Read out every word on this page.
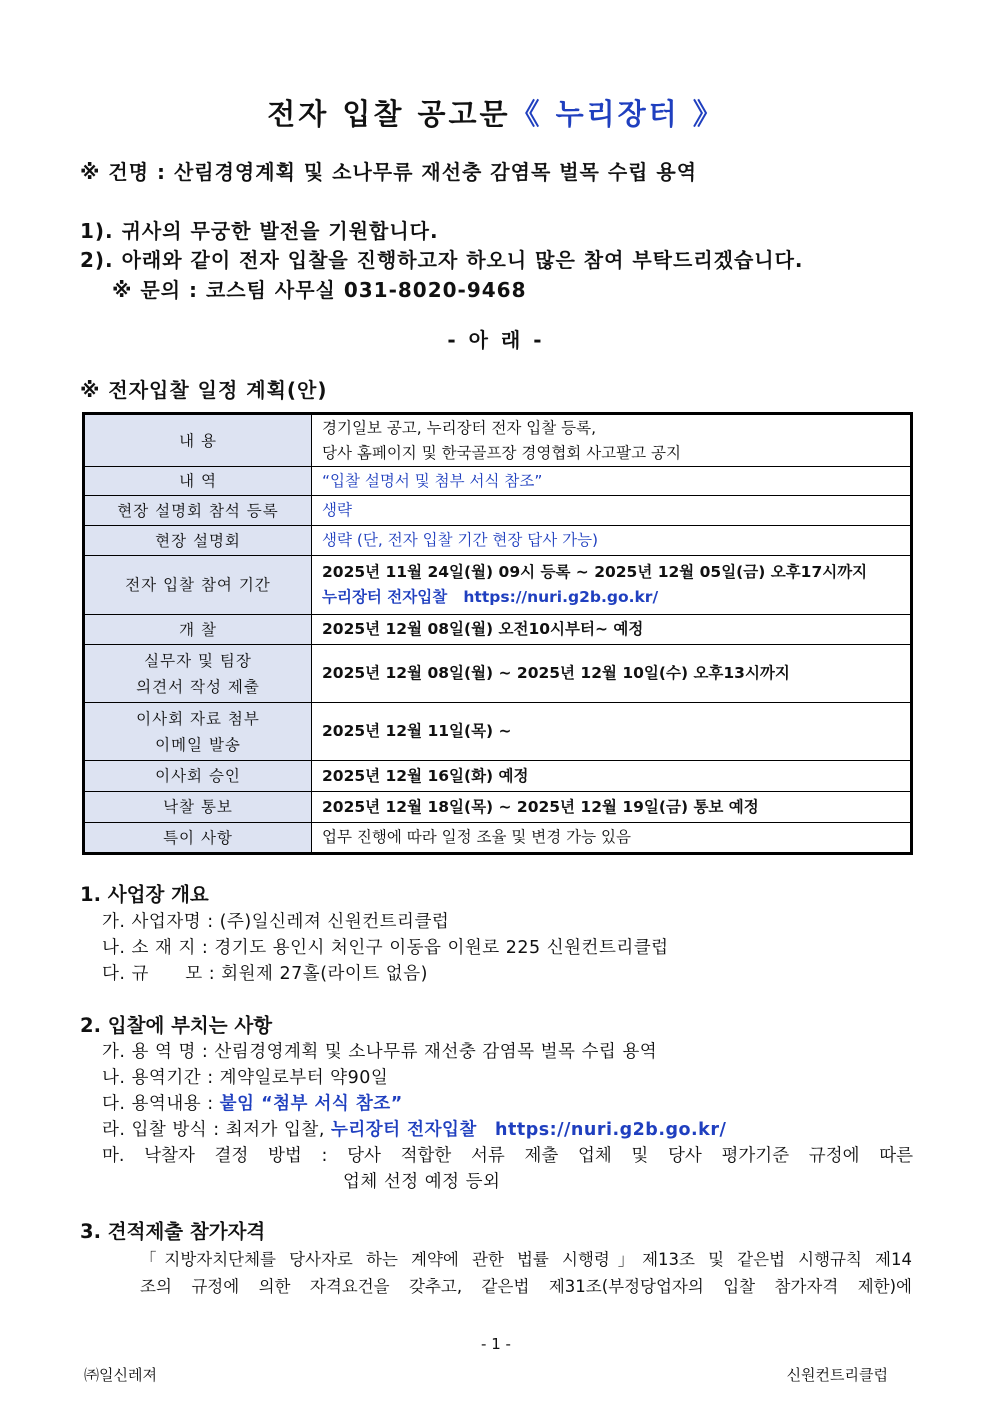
전자 입찰 공고문《 누리장터 》
※ 건명 : 산림경영계획 및 소나무류 재선충 감염목 벌목 수립 용역
1). 귀사의 무궁한 발전을 기원합니다.
2). 아래와 같이 전자 입찰을 진행하고자 하오니 많은 참여 부탁드리겠습니다.
※ 문의 : 코스팀 사무실 031-8020-9468
- 아 래 -
※ 전자입찰 일정 계획(안)
내 용	경기일보 공고, 누리장터 전자 입찰 등록,
당사 홈페이지 및 한국골프장 경영협회 사고팔고 공지

내 역	“입찰 설명서 및 첨부 서식 참조”
현장 설명회 참석 등록	생략
현장 설명회	생략 (단, 전자 입찰 기간 현장 답사 가능)
전자 입찰 참여 기간	2025년 11월 24일(월) 09시 등록 ~ 2025년 12월 05일(금) 오후17시까지
누리장터 전자입찰 https://nuri.g2b.go.kr/

개 찰	2025년 12월 08일(월) 오전10시부터~ 예정

실무자 및 팀장
의견서 작성 제출	2025년 12월 08일(월) ~ 2025년 12월 10일(수) 오후13시까지

이사회 자료 첨부
이메일 발송	2025년 12월 11일(목) ~
이사회 승인	2025년 12월 16일(화) 예정
낙찰 통보	2025년 12월 18일(목) ~ 2025년 12월 19일(금) 통보 예정
특이 사항	업무 진행에 따라 일정 조율 및 변경 가능 있음
1. 사업장 개요
가. 사업자명 : (주)일신레져 신원컨트리클럽
나. 소 재 지 : 경기도 용인시 처인구 이동읍 이원로 225 신원컨트리클럽
다. 규      모 : 회원제 27홀(라이트 없음)
2. 입찰에 부치는 사항
가. 용 역 명 : 산림경영계획 및 소나무류 재선충 감염목 벌목 수립 용역
나. 용역기간 : 계약일로부터 약90일
다. 용역내용 : 붙임 “첨부 서식 참조”
라. 입찰 방식 : 최저가 입찰, 누리장터 전자입찰 https://nuri.g2b.go.kr/
마. 낙찰자 결정 방법 : 당사 적합한 서류 제출 업체 및 당사 평가기준 규정에 따른
업체 선정 예정 등외
3. 견적제출 참가자격
「지방자치단체를 당사자로 하는 계약에 관한 법률 시행령」제13조 및 같은법 시행규칙 제14
조의 규정에 의한 자격요건을 갖추고, 같은법 제31조(부정당업자의 입찰 참가자격 제한)에
- 1 -
㈜일신레져	신원컨트리클럽
